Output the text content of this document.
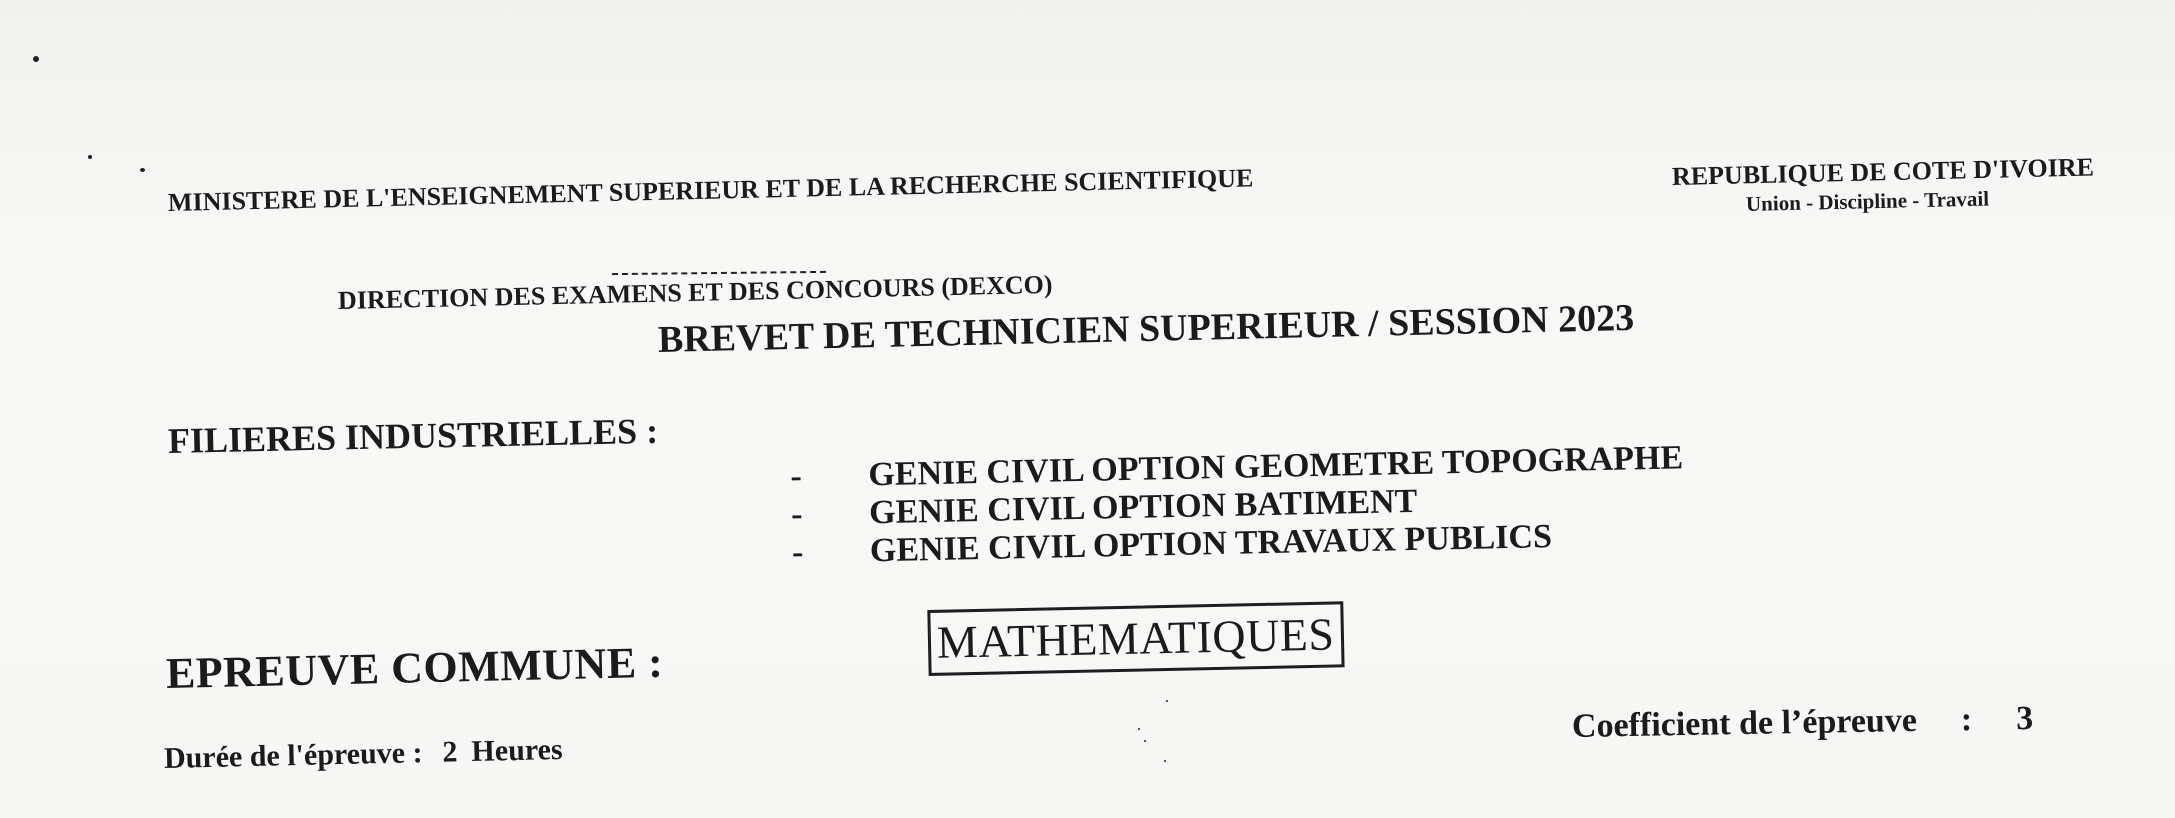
MINISTERE DE L'ENSEIGNEMENT SUPERIEUR ET DE LA RECHERCHE SCIENTIFIQUE	REPUBLIQUE DE COTE D'IVOIRE
Union - Discipline - Travail
DIRECTION DES EXAMENS ET DES CONCOURS (DEXCO)
BREVET DE TECHNICIEN SUPERIEUR / SESSION 2023
FILIERES INDUSTRIELLES :
- GENIE CIVIL OPTION GEOMETRE TOPOGRAPHE
- GENIE CIVIL OPTION BATIMENT
- GENIE CIVIL OPTION TRAVAUX PUBLICS
EPREUVE COMMUNE :	MATHEMATIQUES
Durée de l'épreuve : 2 Heures
Coefficient de l’épreuve : 3
